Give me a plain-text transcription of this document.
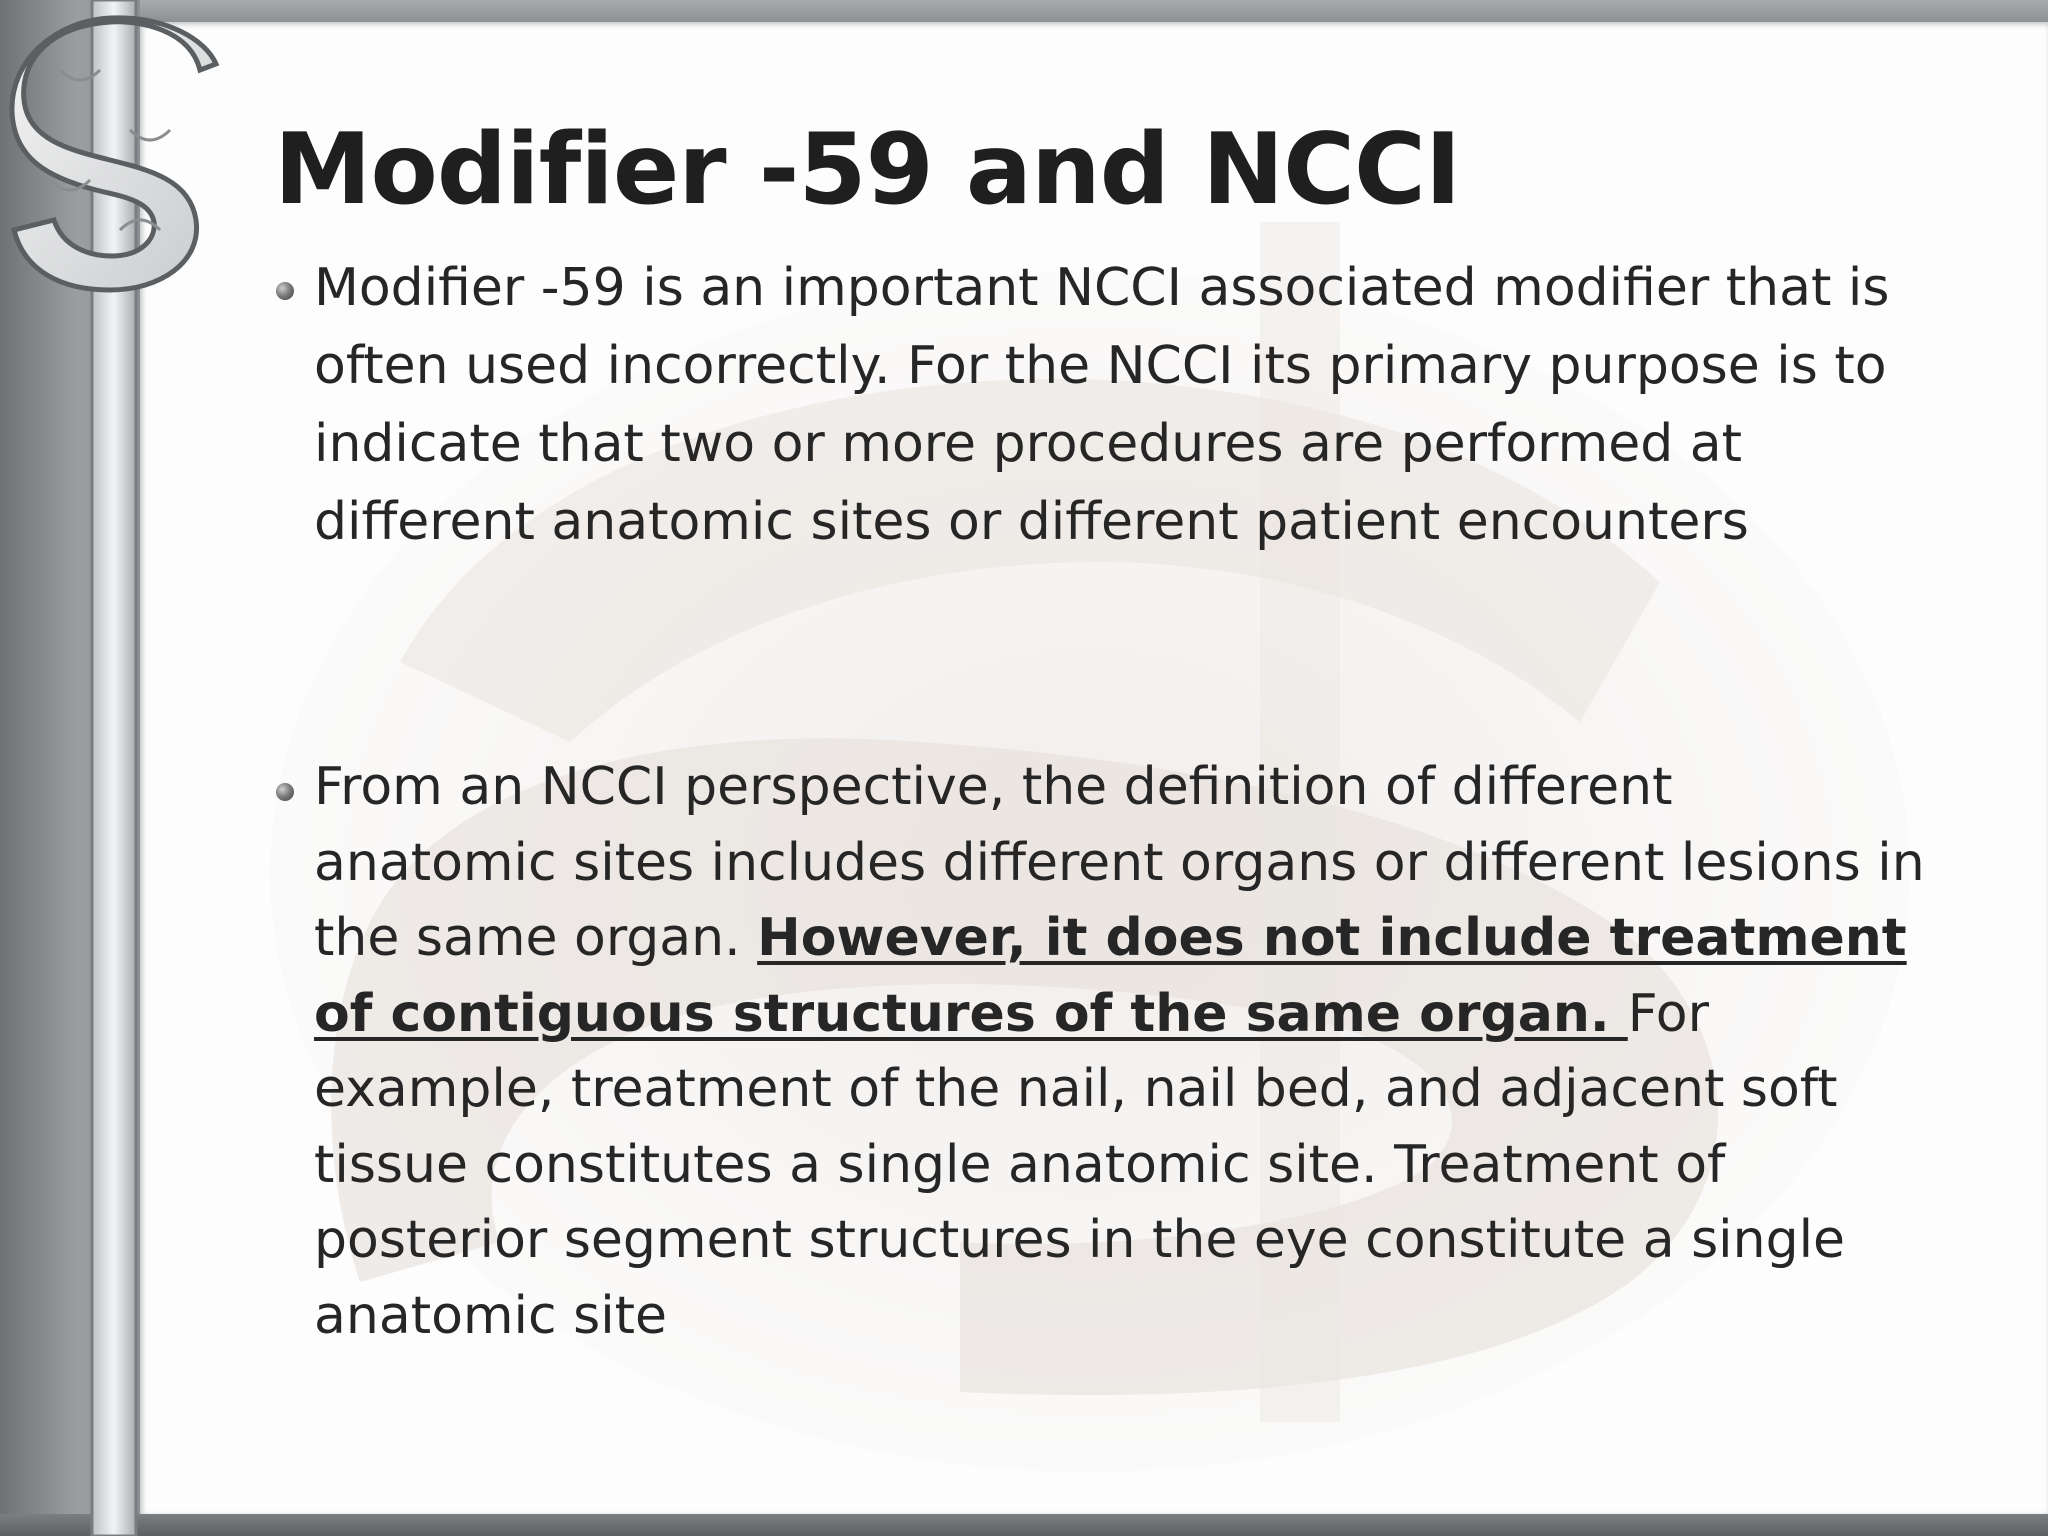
Modifier -59 and NCCI
Modifier -59 is an important NCCI associated modifier that is often used incorrectly. For the NCCI its primary purpose is to indicate that two or more procedures are performed at different anatomic sites or different patient encounters
From an NCCI perspective, the definition of different anatomic sites includes different organs or different lesions in the same organ. However, it does not include treatment of contiguous structures of the same organ. For example, treatment of the nail, nail bed, and adjacent soft tissue constitutes a single anatomic site. Treatment of posterior segment structures in the eye constitute a single anatomic site
